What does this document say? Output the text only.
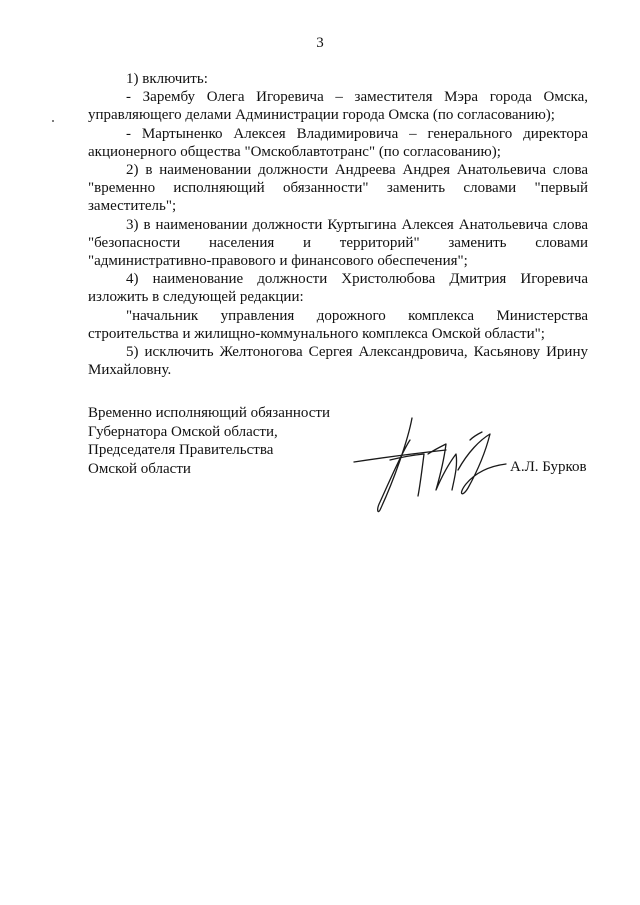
3

1) включить:

- Зарембу Олега Игоревича – заместителя Мэра города Омска, управляющего делами Администрации города Омска (по согласованию);

- Мартыненко Алексея Владимировича – генерального директора акционерного общества "Омскоблавтотранс" (по согласованию);

2) в наименовании должности Андреева Андрея Анатольевича слова "временно исполняющий обязанности" заменить словами "первый заместитель";

3) в наименовании должности Куртыгина Алексея Анатольевича слова "безопасности населения и территорий" заменить словами "административно-правового и финансового обеспечения";

4) наименование должности Христолюбова Дмитрия Игоревича изложить в следующей редакции:

"начальник управления дорожного комплекса Министерства строительства и жилищно-коммунального комплекса Омской области";

5) исключить Желтоногова Сергея Александровича, Касьянову Ирину Михайловну.

Временно исполняющий обязанности
Губернатора Омской области,
Председателя Правительства
Омской области	А.Л. Бурков
